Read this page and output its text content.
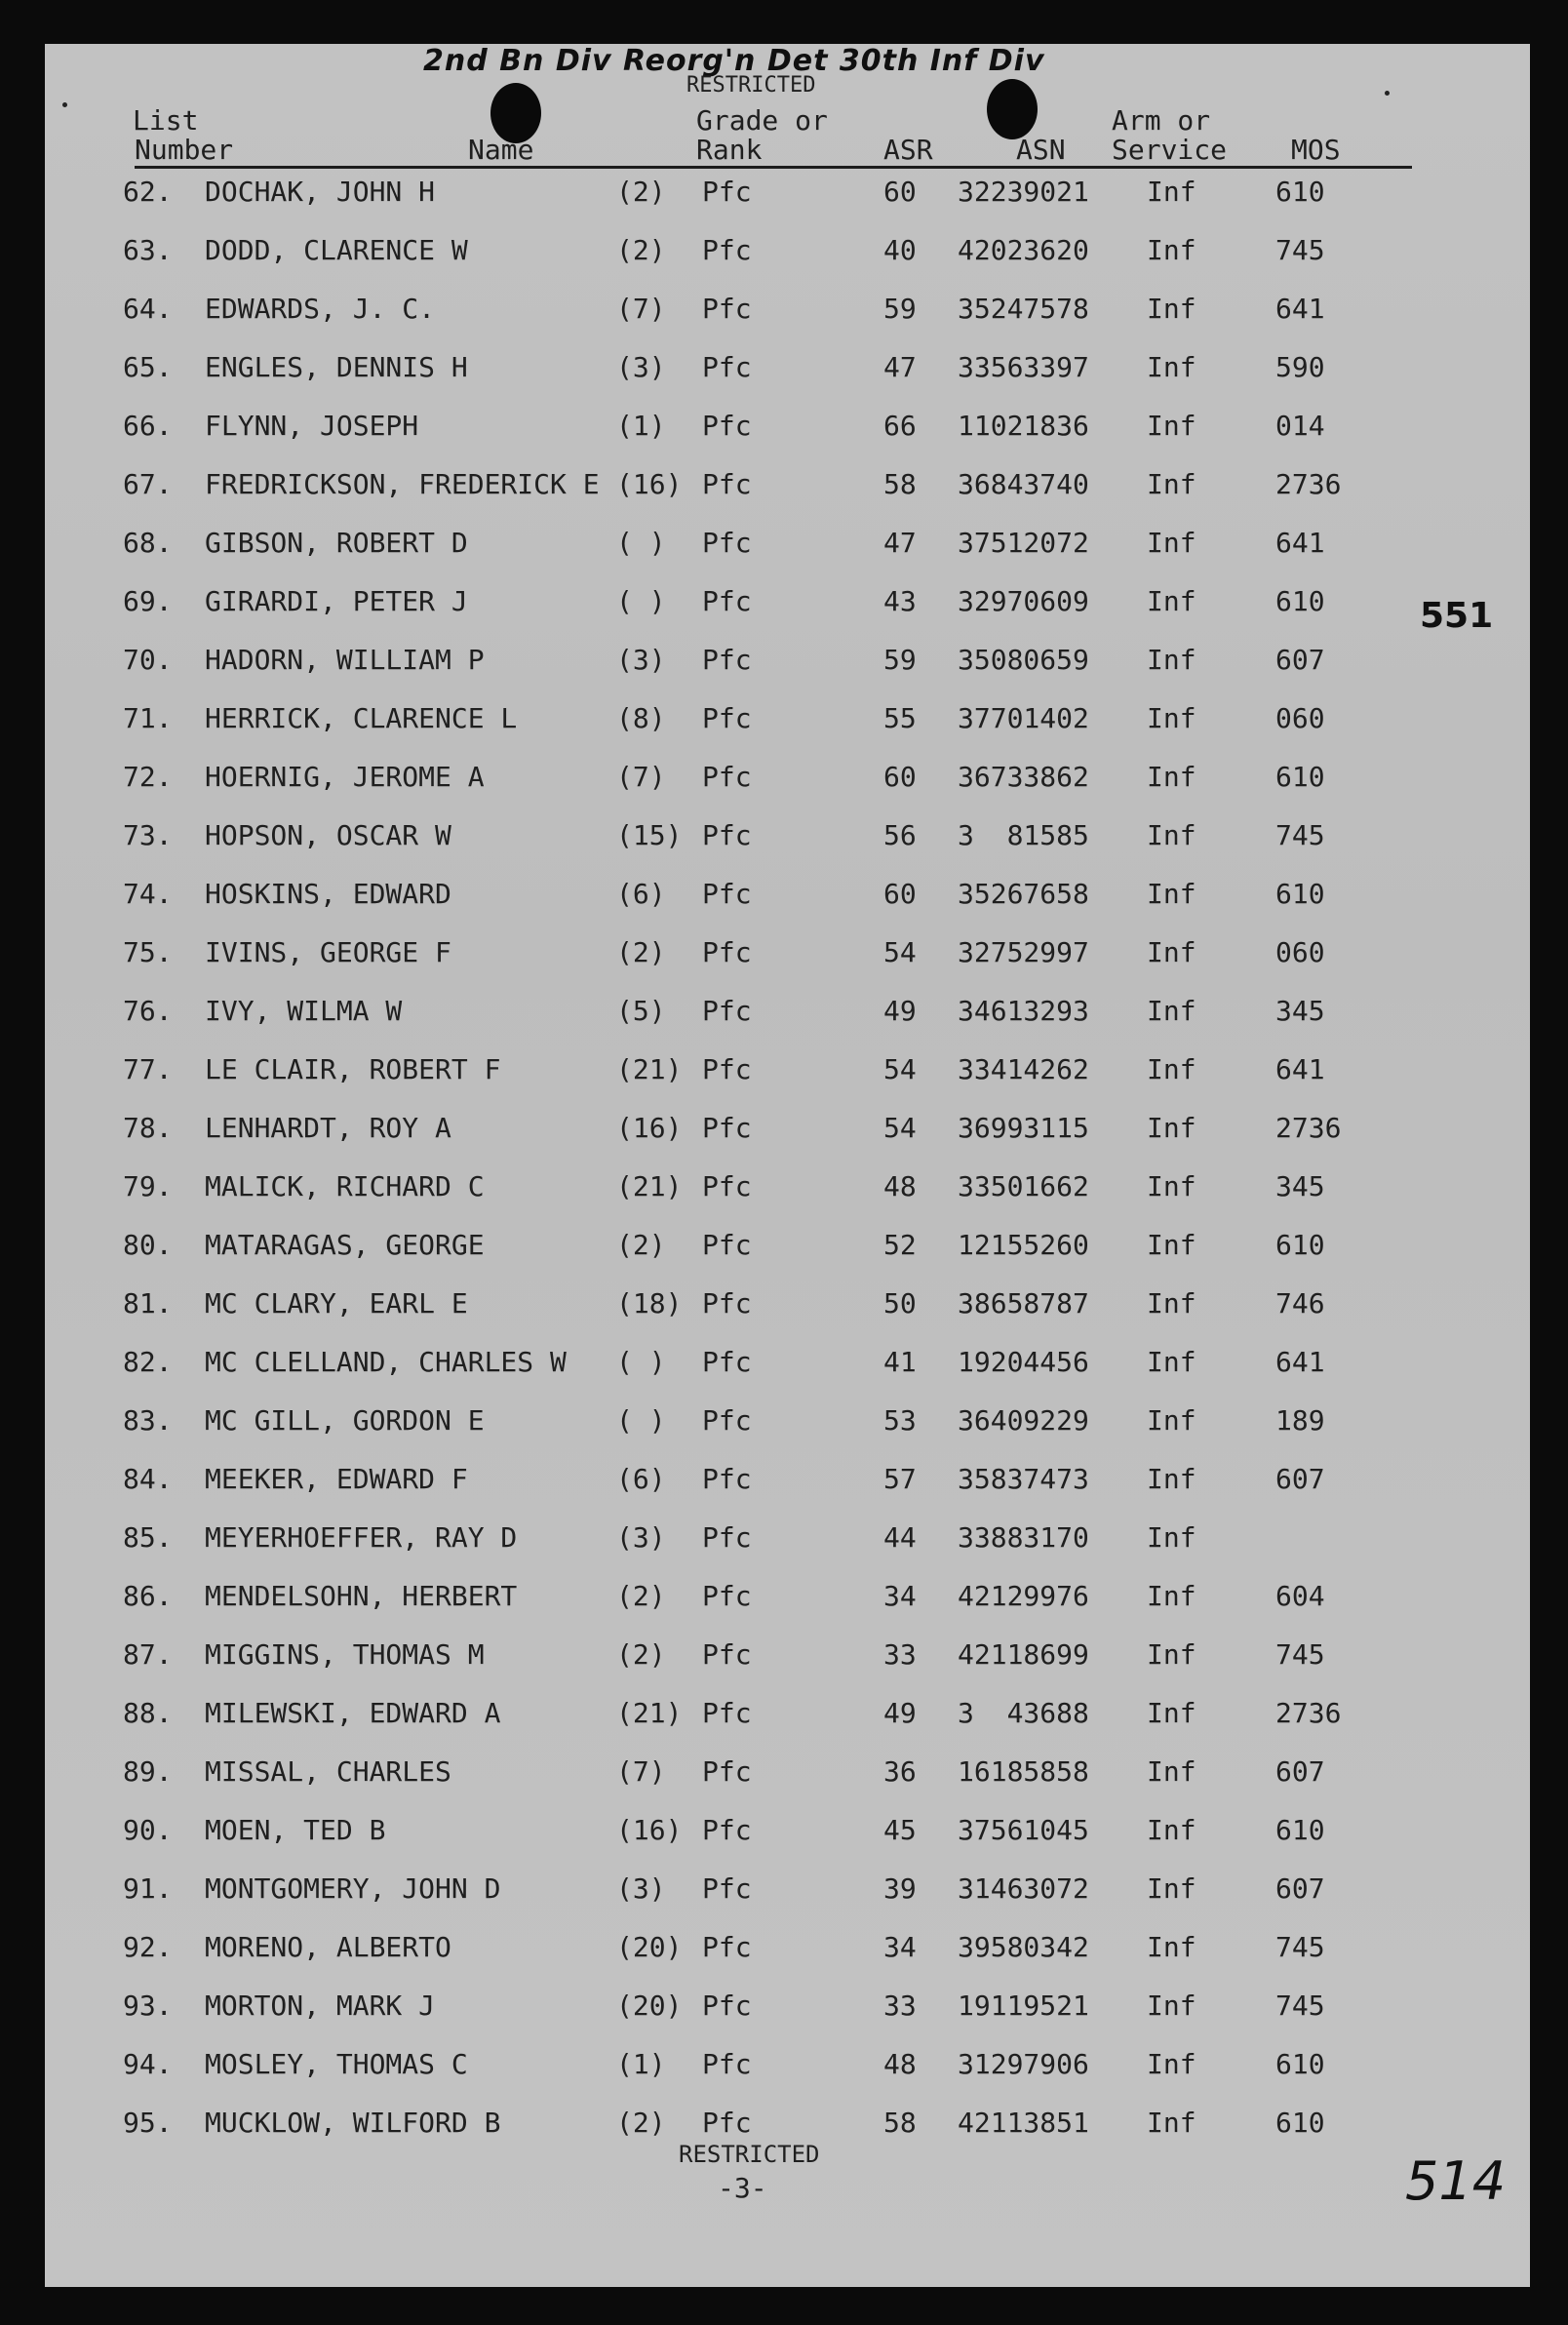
2nd Bn Div Reorg'n Det 30th Inf Div
RESTRICTED
List
Number	Name
Grade or
Rank	ASR	ASN
Arm or
Service MOS
62. DOCHAK, JOHN H	(2) Pfc	60 32239021 Inf	610
63. DODD, CLARENCE W	(2) Pfc	40 42023620 Inf	745
64. EDWARDS, J. C.	(7) Pfc	59 35247578 Inf	641
65. ENGLES, DENNIS H	(3) Pfc	47 33563397 Inf	590
66. FLYNN, JOSEPH	(1) Pfc	66 11021836 Inf	014
67. FREDRICKSON, FREDERICK E (16) Pfc	58 36843740 Inf	2736
68. GIBSON, ROBERT D	( ) Pfc	47 37512072 Inf	641
69. GIRARDI, PETER J	( ) Pfc	43 32970609 Inf	610
70. HADORN, WILLIAM P	(3) Pfc	59 35080659 Inf	607
71. HERRICK, CLARENCE L	(8) Pfc	55 37701402 Inf	060
72. HOERNIG, JEROME A	(7) Pfc	60 36733862 Inf	610
73. HOPSON, OSCAR W	(15) Pfc	56 3  81585 Inf	745
74. HOSKINS, EDWARD	(6) Pfc	60 35267658 Inf	610
75. IVINS, GEORGE F	(2) Pfc	54 32752997 Inf	060
76. IVY, WILMA W	(5) Pfc	49 34613293 Inf	345
77. LE CLAIR, ROBERT F	(21) Pfc	54 33414262 Inf	641
78. LENHARDT, ROY A	(16) Pfc	54 36993115 Inf	2736
79. MALICK, RICHARD C	(21) Pfc	48 33501662 Inf	345
80. MATARAGAS, GEORGE	(2) Pfc	52 12155260 Inf	610
81. MC CLARY, EARL E	(18) Pfc	50 38658787 Inf	746
82. MC CLELLAND, CHARLES W ( ) Pfc	41 19204456 Inf	641
83. MC GILL, GORDON E	( ) Pfc	53 36409229 Inf	189
84. MEEKER, EDWARD F	(6) Pfc	57 35837473 Inf	607
85. MEYERHOEFFER, RAY D	(3) Pfc	44 33883170 Inf
86. MENDELSOHN, HERBERT	(2) Pfc	34 42129976 Inf	604
87. MIGGINS, THOMAS M	(2) Pfc	33 42118699 Inf	745
88. MILEWSKI, EDWARD A	(21) Pfc	49 3  43688 Inf	2736
89. MISSAL, CHARLES	(7) Pfc	36 16185858 Inf	607
90. MOEN, TED B	(16) Pfc	45 37561045 Inf	610
91. MONTGOMERY, JOHN D	(3) Pfc	39 31463072 Inf	607
92. MORENO, ALBERTO	(20) Pfc	34 39580342 Inf	745
93. MORTON, MARK J	(20) Pfc	33 19119521 Inf	745
94. MOSLEY, THOMAS C	(1) Pfc	48 31297906 Inf	610
95. MUCKLOW, WILFORD B	(2) Pfc	58 42113851 Inf	610
551
RESTRICTED
-3-	514
